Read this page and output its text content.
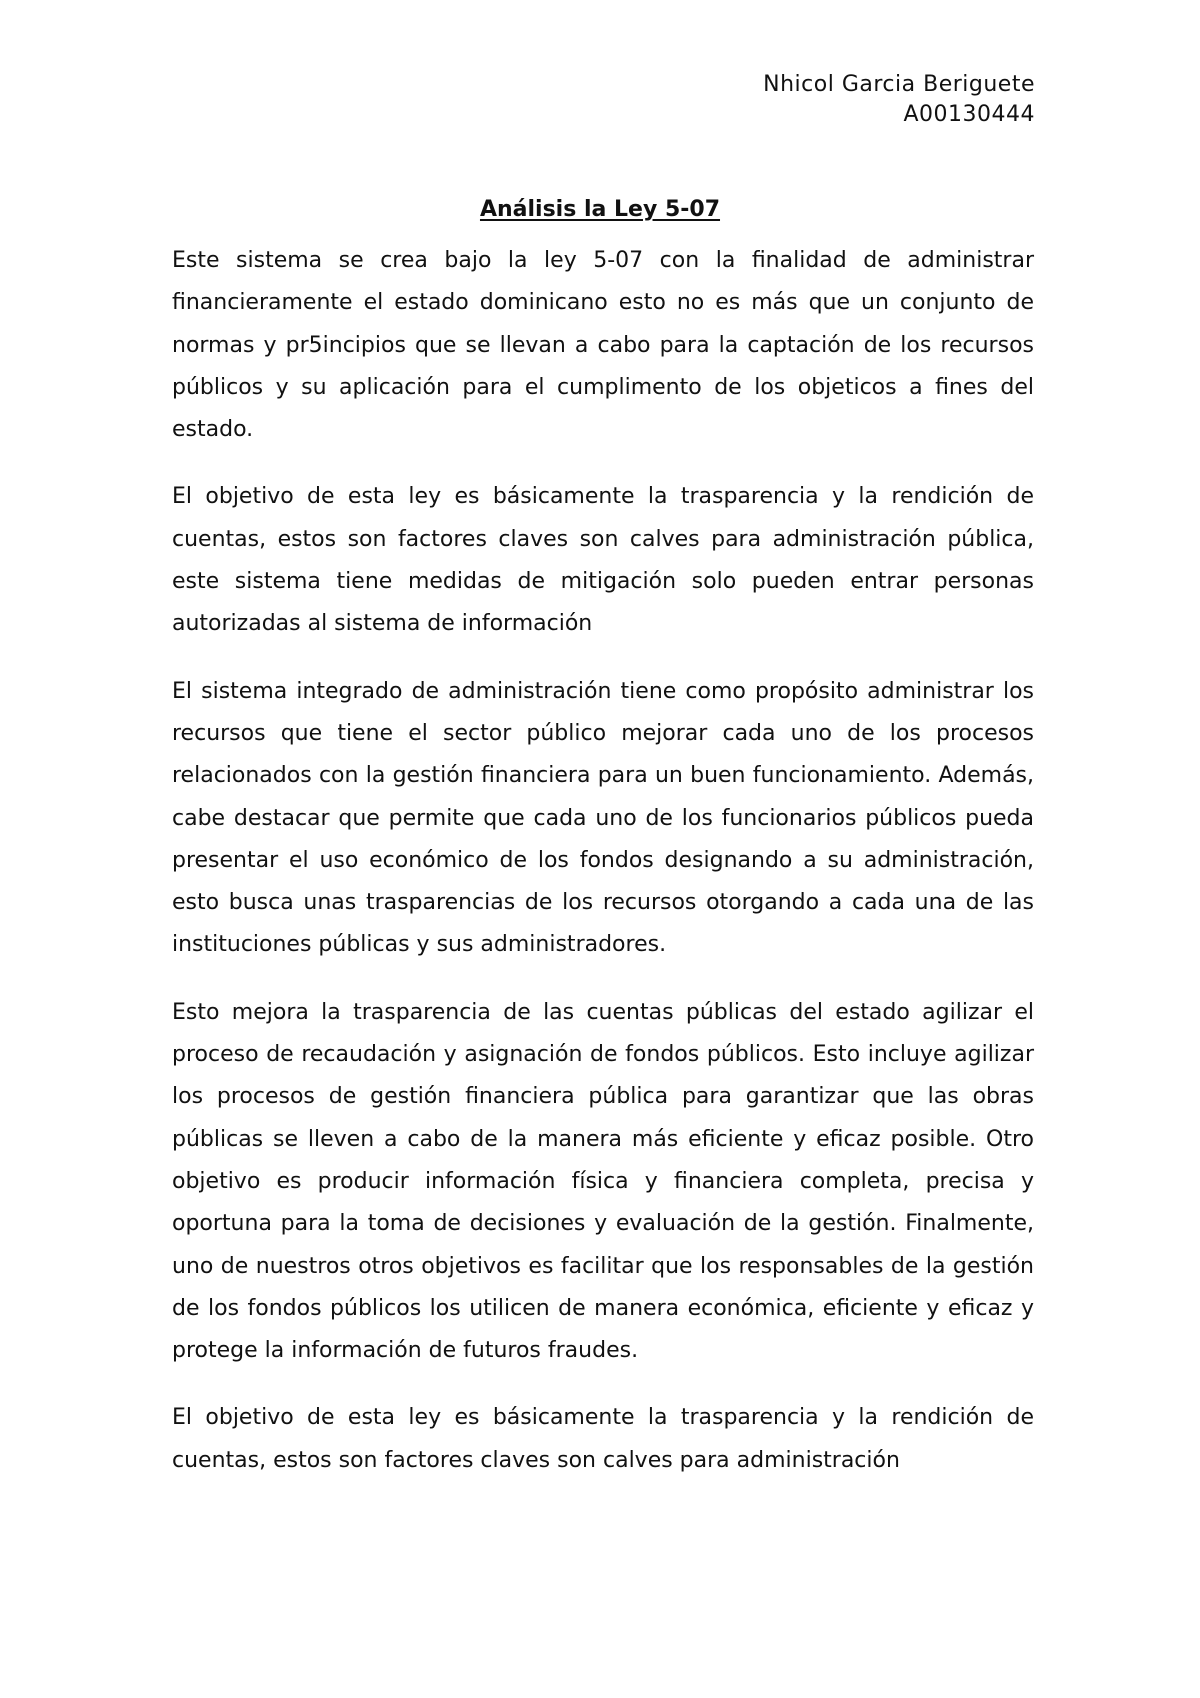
Nhicol Garcia Beriguete
A00130444
Análisis la Ley 5-07

Este sistema se crea bajo la ley 5-07 con la finalidad de administrar financieramente el estado dominicano esto no es más que un conjunto de normas y pr5incipios que se llevan a cabo para la captación de los recursos públicos y su aplicación para el cumplimento de los objeticos a fines del estado.

El objetivo de esta ley es básicamente la trasparencia y la rendición de cuentas, estos son factores claves son calves para administración pública, este sistema tiene medidas de mitigación solo pueden entrar personas autorizadas al sistema de información

El sistema integrado de administración tiene como propósito administrar los recursos que tiene el sector público mejorar cada uno de los procesos relacionados con la gestión financiera para un buen funcionamiento. Además, cabe destacar que permite que cada uno de los funcionarios públicos pueda presentar el uso económico de los fondos designando a su administración, esto busca unas trasparencias de los recursos otorgando a cada una de las instituciones públicas y sus administradores.

Esto mejora la trasparencia de las cuentas públicas del estado agilizar el proceso de recaudación y asignación de fondos públicos. Esto incluye agilizar los procesos de gestión financiera pública para garantizar que las obras públicas se lleven a cabo de la manera más eficiente y eficaz posible. Otro objetivo es producir información física y financiera completa, precisa y oportuna para la toma de decisiones y evaluación de la gestión. Finalmente, uno de nuestros otros objetivos es facilitar que los responsables de la gestión de los fondos públicos los utilicen de manera económica, eficiente y eficaz y protege la información de futuros fraudes.

El objetivo de esta ley es básicamente la trasparencia y la rendición de cuentas, estos son factores claves son calves para administración
